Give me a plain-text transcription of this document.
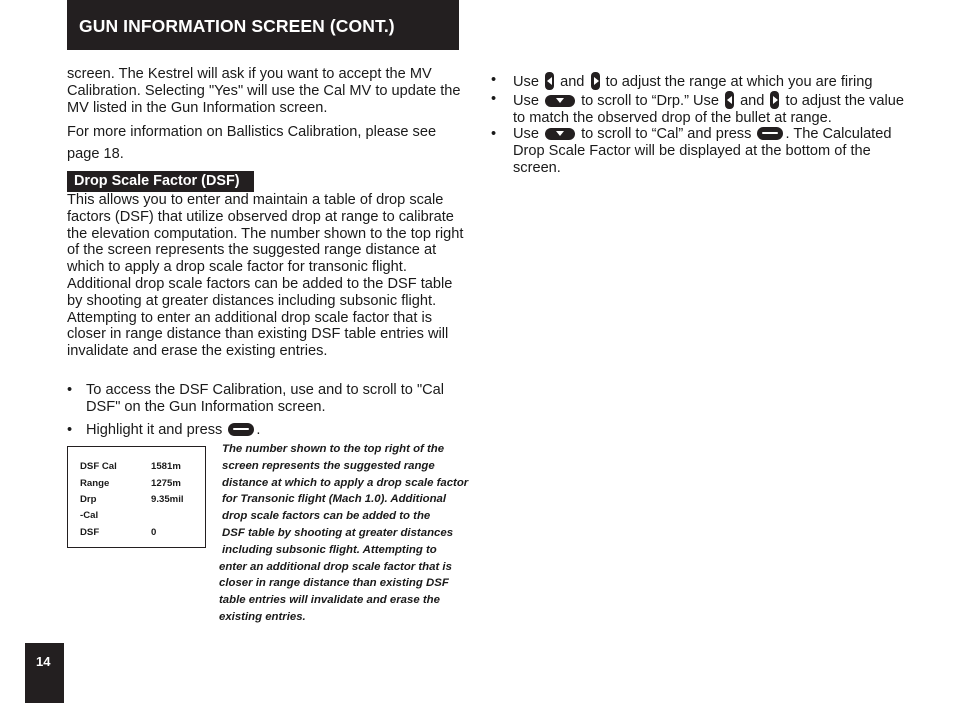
GUN INFORMATION SCREEN (CONT.)
screen. The Kestrel will ask if you want to accept the MV Calibration. Selecting "Yes" will use the Cal MV to update the MV listed in the Gun Information screen.
For more information on Ballistics Calibration, please see page 18.
Drop Scale Factor (DSF)
This allows you to enter and maintain a table of drop scale factors (DSF) that utilize observed drop at range to calibrate the elevation computation. The number shown to the top right of the screen represents the suggested range distance at which to apply a drop scale factor for transonic flight. Additional drop scale factors can be added to the DSF table by shooting at greater distances including subsonic flight. Attempting to enter an additional drop scale factor that is closer in range distance than existing DSF table entries will invalidate and erase the existing entries.
• To access the DSF Calibration, use and to scroll to "Cal DSF" on the Gun Information screen.
• Highlight it and press .
DSF Cal	1581m
Range	1275m
Drp	9.35mil
-Cal
DSF	0
The number shown to the top right of the
screen represents the suggested range
distance at which to apply a drop scale factor
for Transonic flight (Mach 1.0). Additional
drop scale factors can be added to the
DSF table by shooting at greater distances
including subsonic flight. Attempting to
enter an additional drop scale factor that is
closer in range distance than existing DSF
table entries will invalidate and erase the
existing entries.
• Use and to adjust the range at which you are firing
• Use	to scroll to “Drp.” Use and to adjust the value to match the observed drop of the bullet at range.
• Use	to scroll to “Cal” and press . The Calculated Drop Scale Factor will be displayed at the bottom of the screen.
14
